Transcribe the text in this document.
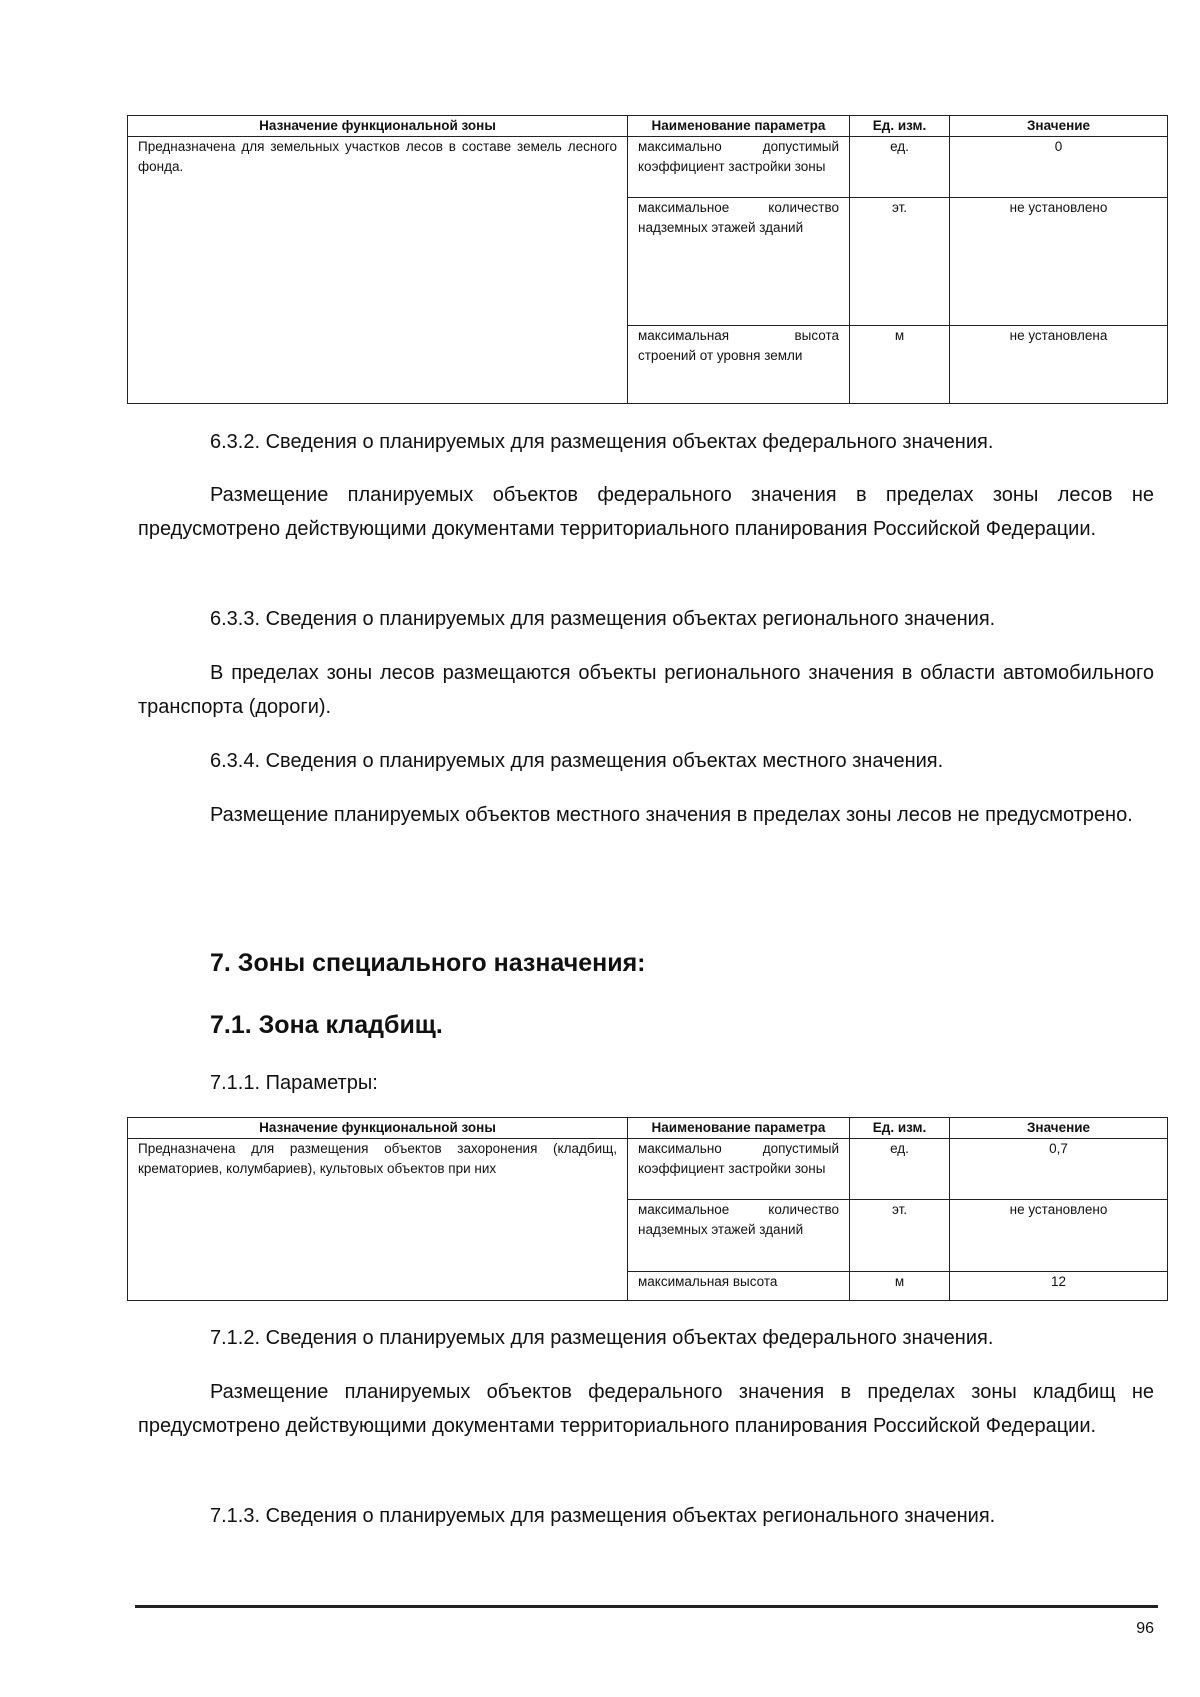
Назначение функциональной зоны	Наименование параметра	Ед. изм.	Значение
Предназначена для земельных участков лесов в составе земель лесного фонда.	максимально допустимый коэффициент застройки зоны	ед.	0
	максимальное количество надземных этажей зданий	эт.	не установлено
	максимальная высота строений от уровня земли	м	не установлена
6.3.2. Сведения о планируемых для размещения объектах федерального значения.
Размещение планируемых объектов федерального значения в пределах зоны лесов не предусмотрено действующими документами территориального планирования Российской Федерации.
6.3.3. Сведения о планируемых для размещения объектах регионального значения.
В пределах зоны лесов размещаются объекты регионального значения в области автомобильного транспорта (дороги).
6.3.4. Сведения о планируемых для размещения объектах местного значения.
Размещение планируемых объектов местного значения в пределах зоны лесов не предусмотрено.
7. Зоны специального назначения:
7.1. Зона кладбищ.
7.1.1. Параметры:
Назначение функциональной зоны	Наименование параметра	Ед. изм.	Значение
Предназначена для размещения объектов захоронения (кладбищ, крематориев, колумбариев), культовых объектов при них	максимально допустимый коэффициент застройки зоны	ед.	0,7
	максимальное количество надземных этажей зданий	эт.	не установлено
	максимальная высота	м	12
7.1.2. Сведения о планируемых для размещения объектах федерального значения.
Размещение планируемых объектов федерального значения в пределах зоны кладбищ не предусмотрено действующими документами территориального планирования Российской Федерации.
7.1.3. Сведения о планируемых для размещения объектах регионального значения.
96
